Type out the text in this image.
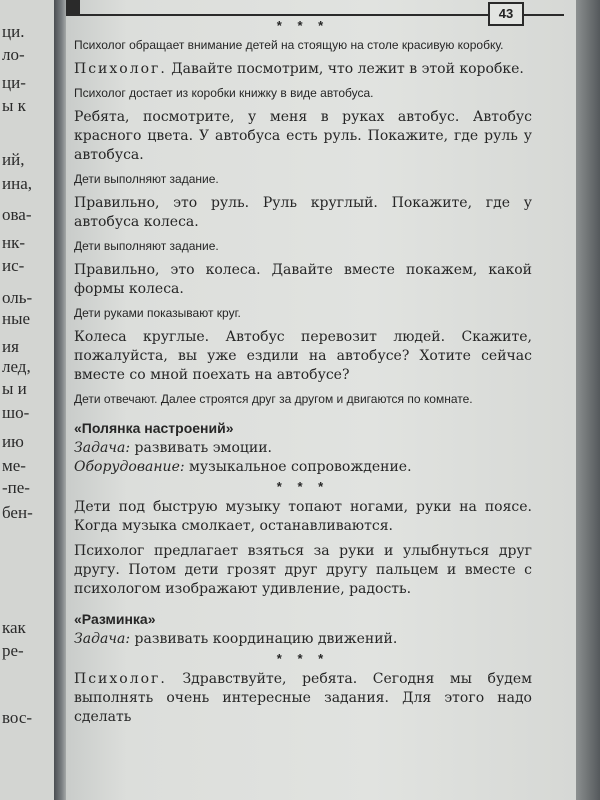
ци.
ло-
ци-
ы к
ий,
ина,
ова-
нк-
ис-
оль-
ные
ия
лед,
ы и
шо-
ию
ме-
-пе-
бен-
как
ре-
вос-
43
* * *
Психолог обращает внимание детей на стоящую на столе красивую коробку.
Психолог. Давайте посмотрим, что лежит в этой коробке.
Психолог достает из коробки книжку в виде автобуса.
Ребята, посмотрите, у меня в руках автобус. Автобус красного цвета. У автобуса есть руль. Покажите, где руль у автобуса.
Дети выполняют задание.
Правильно, это руль. Руль круглый. Покажите, где у автобуса колеса.
Дети выполняют задание.
Правильно, это колеса. Давайте вместе покажем, какой формы колеса.
Дети руками показывают круг.
Колеса круглые. Автобус перевозит людей. Скажите, пожалуйста, вы уже ездили на автобусе? Хотите сейчас вместе со мной поехать на автобусе?
Дети отвечают. Далее строятся друг за другом и двигаются по комнате.
«Полянка настроений»
Задача: развивать эмоции.
Оборудование: музыкальное сопровождение.
* * *
Дети под быструю музыку топают ногами, руки на поясе. Когда музыка смолкает, останавливаются.
Психолог предлагает взяться за руки и улыбнуться друг другу. Потом дети грозят друг другу пальцем и вместе с психологом изображают удивление, радость.
«Разминка»
Задача: развивать координацию движений.
* * *
Психолог. Здравствуйте, ребята. Сегодня мы будем выполнять очень интересные задания. Для этого надо сделать
